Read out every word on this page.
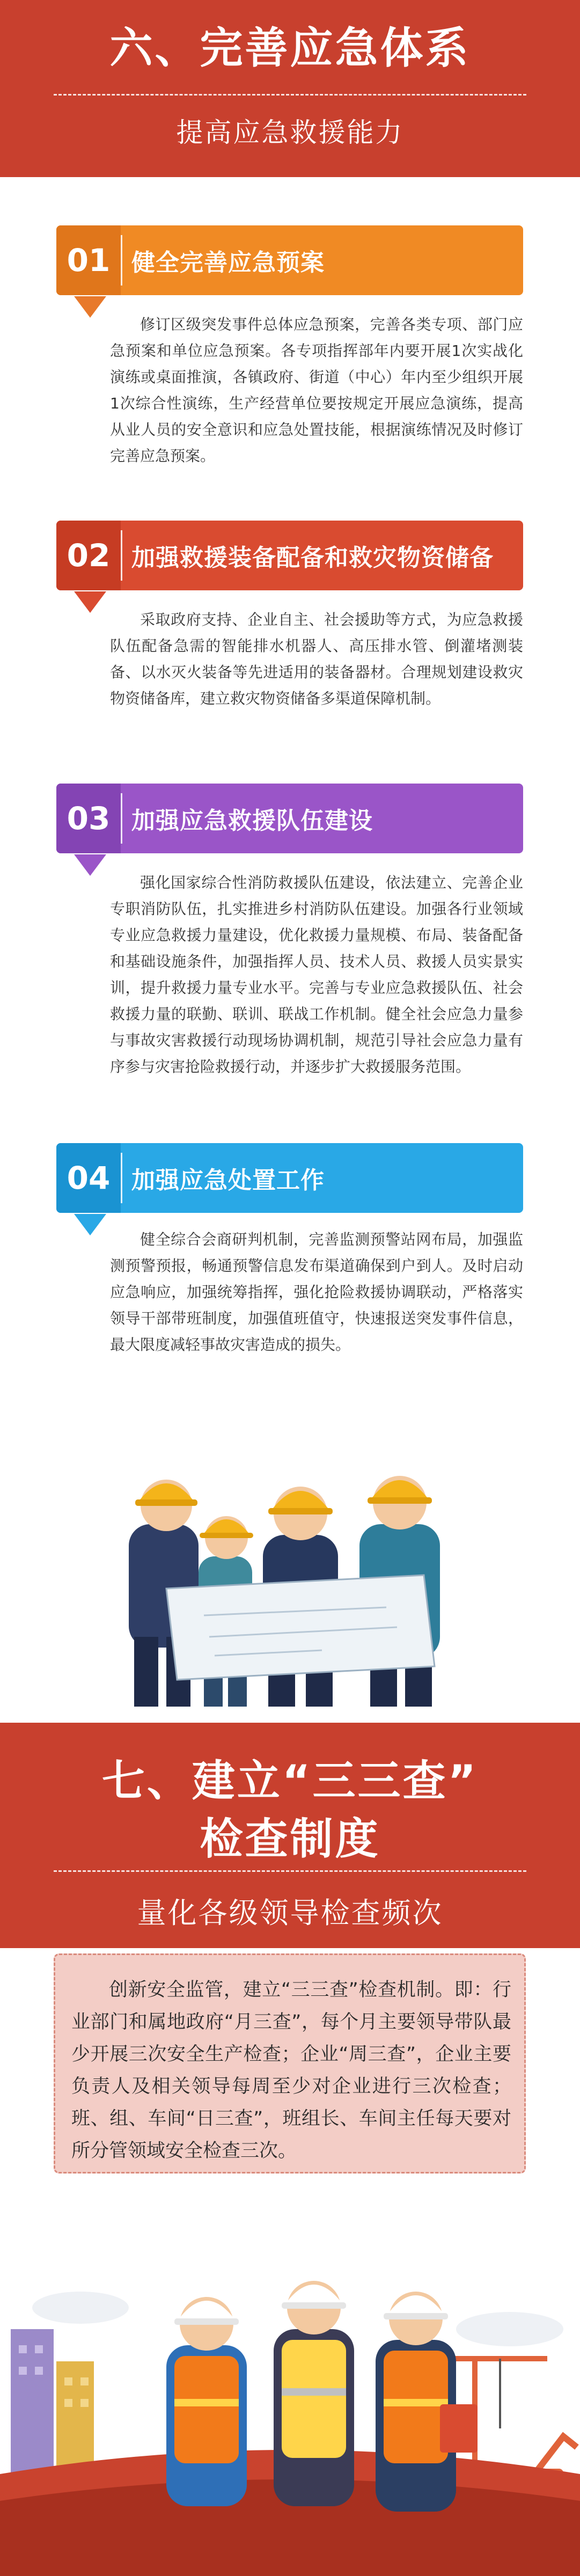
六、完善应急体系
提高应急救援能力
01 健全完善应急预案
修订区级突发事件总体应急预案，完善各类专项、部门应急预案和单位应急预案。各专项指挥部年内要开展1次实战化演练或桌面推演，各镇政府、街道（中心）年内至少组织开展1次综合性演练，生产经营单位要按规定开展应急演练，提高从业人员的安全意识和应急处置技能，根据演练情况及时修订完善应急预案。
02 加强救援装备配备和救灾物资储备
采取政府支持、企业自主、社会援助等方式，为应急救援队伍配备急需的智能排水机器人、高压排水管、倒灌堵测装备、以水灭火装备等先进适用的装备器材。合理规划建设救灾物资储备库，建立救灾物资储备多渠道保障机制。
03 加强应急救援队伍建设
强化国家综合性消防救援队伍建设，依法建立、完善企业专职消防队伍，扎实推进乡村消防队伍建设。加强各行业领域专业应急救援力量建设，优化救援力量规模、布局、装备配备和基础设施条件，加强指挥人员、技术人员、救援人员实景实训，提升救援力量专业水平。完善与专业应急救援队伍、社会救援力量的联勤、联训、联战工作机制。健全社会应急力量参与事故灾害救援行动现场协调机制，规范引导社会应急力量有序参与灾害抢险救援行动，并逐步扩大救援服务范围。
04 加强应急处置工作
健全综合会商研判机制，完善监测预警站网布局，加强监测预警预报，畅通预警信息发布渠道确保到户到人。及时启动应急响应，加强统筹指挥，强化抢险救援协调联动，严格落实领导干部带班制度，加强值班值守，快速报送突发事件信息，最大限度减轻事故灾害造成的损失。
七、建立“三三查”
检查制度
量化各级领导检查频次
创新安全监管，建立“三三查”检查机制。即：行业部门和属地政府“月三查”，每个月主要领导带队最少开展三次安全生产检查；企业“周三查”，企业主要负责人及相关领导每周至少对企业进行三次检查；班、组、车间“日三查”，班组长、车间主任每天要对所分管领域安全检查三次。
